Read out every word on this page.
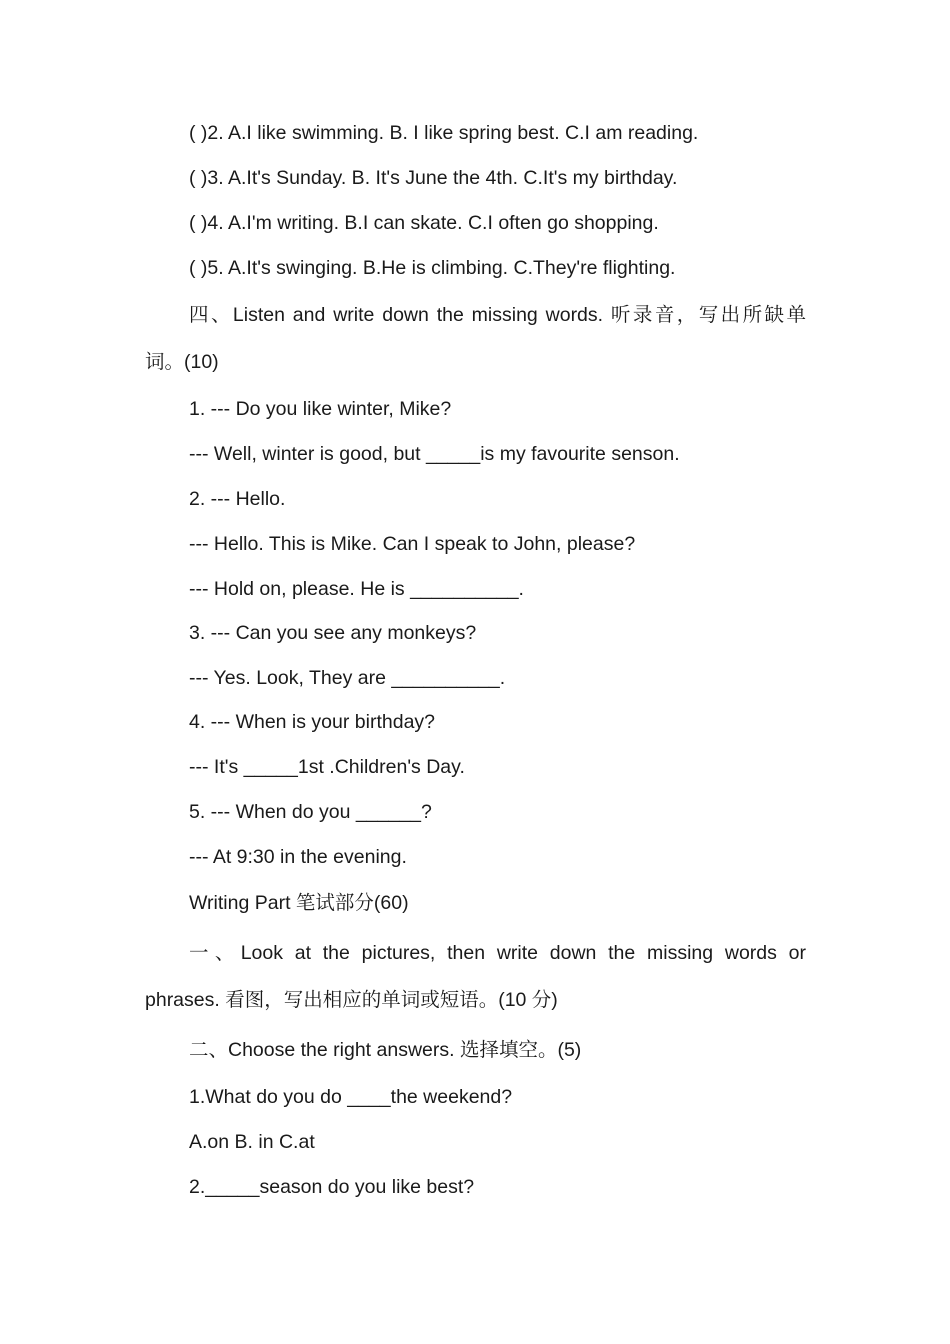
( )2. A.I like swimming. B. I like spring best. C.I am reading.
( )3. A.It's Sunday. B. It's June the 4th. C.It's my birthday.
( )4. A.I'm writing. B.I can skate. C.I often go shopping.
( )5. A.It's swinging. B.He is climbing. C.They're flighting.
四、Listen and write down the missing words. 听录音，写出所缺单
词。(10)
1. --- Do you like winter, Mike?
--- Well, winter is good, but _____is my favourite senson.
2. --- Hello.
--- Hello. This is Mike. Can I speak to John, please?
--- Hold on, please. He is __________.
3. --- Can you see any monkeys?
--- Yes. Look, They are __________.
4. --- When is your birthday?
--- It's _____1st .Children's Day.
5. --- When do you ______?
--- At 9:30 in the evening.
Writing Part 笔试部分(60)
一、Look at the pictures, then write down the missing words or
phrases. 看图，写出相应的单词或短语。(10 分)
二、Choose the right answers. 选择填空。(5)
1.What do you do ____the weekend?
A.on B. in C.at
2._____season do you like best?
